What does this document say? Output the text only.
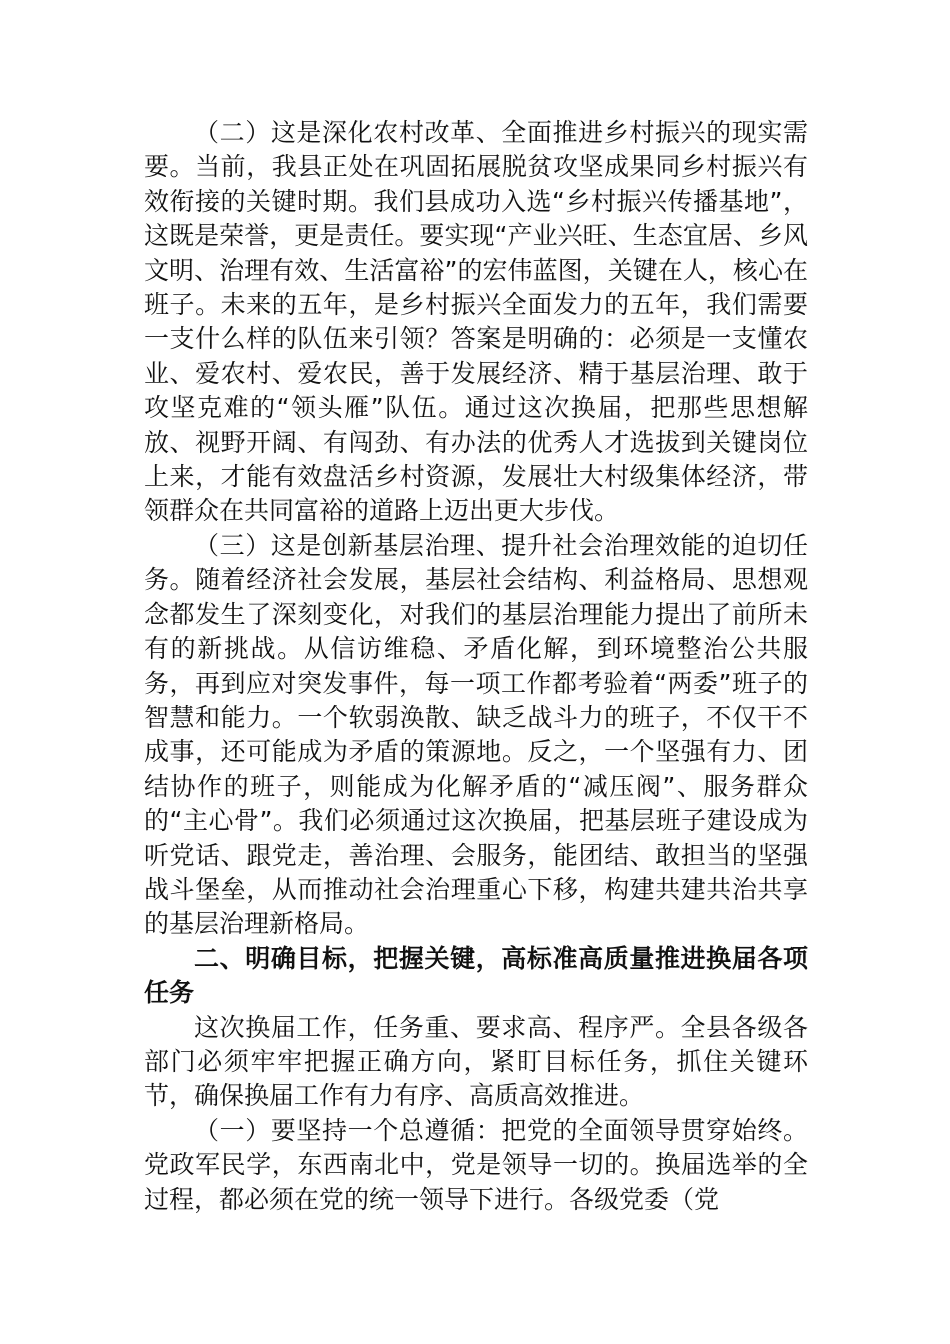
（二）这是深化农村改革、全面推进乡村振兴的现实需要。当前，我县正处在巩固拓展脱贫攻坚成果同乡村振兴有效衔接的关键时期。我们县成功入选“乡村振兴传播基地”，这既是荣誉，更是责任。要实现“产业兴旺、生态宜居、乡风文明、治理有效、生活富裕”的宏伟蓝图，关键在人，核心在班子。未来的五年，是乡村振兴全面发力的五年，我们需要一支什么样的队伍来引领？答案是明确的：必须是一支懂农业、爱农村、爱农民，善于发展经济、精于基层治理、敢于攻坚克难的“领头雁”队伍。通过这次换届，把那些思想解放、视野开阔、有闯劲、有办法的优秀人才选拔到关键岗位上来，才能有效盘活乡村资源，发展壮大村级集体经济，带领群众在共同富裕的道路上迈出更大步伐。

（三）这是创新基层治理、提升社会治理效能的迫切任务。随着经济社会发展，基层社会结构、利益格局、思想观念都发生了深刻变化，对我们的基层治理能力提出了前所未有的新挑战。从信访维稳、矛盾化解，到环境整治公共服务，再到应对突发事件，每一项工作都考验着“两委”班子的智慧和能力。一个软弱涣散、缺乏战斗力的班子，不仅干不成事，还可能成为矛盾的策源地。反之，一个坚强有力、团结协作的班子，则能成为化解矛盾的“减压阀”、服务群众的“主心骨”。我们必须通过这次换届，把基层班子建设成为听党话、跟党走，善治理、会服务，能团结、敢担当的坚强战斗堡垒，从而推动社会治理重心下移，构建共建共治共享的基层治理新格局。

二、明确目标，把握关键，高标准高质量推进换届各项任务

这次换届工作，任务重、要求高、程序严。全县各级各部门必须牢牢把握正确方向，紧盯目标任务，抓住关键环节，确保换届工作有力有序、高质高效推进。

（一）要坚持一个总遵循：把党的全面领导贯穿始终。党政军民学，东西南北中，党是领导一切的。换届选举的全过程，都必须在党的统一领导下进行。各级党委（党
